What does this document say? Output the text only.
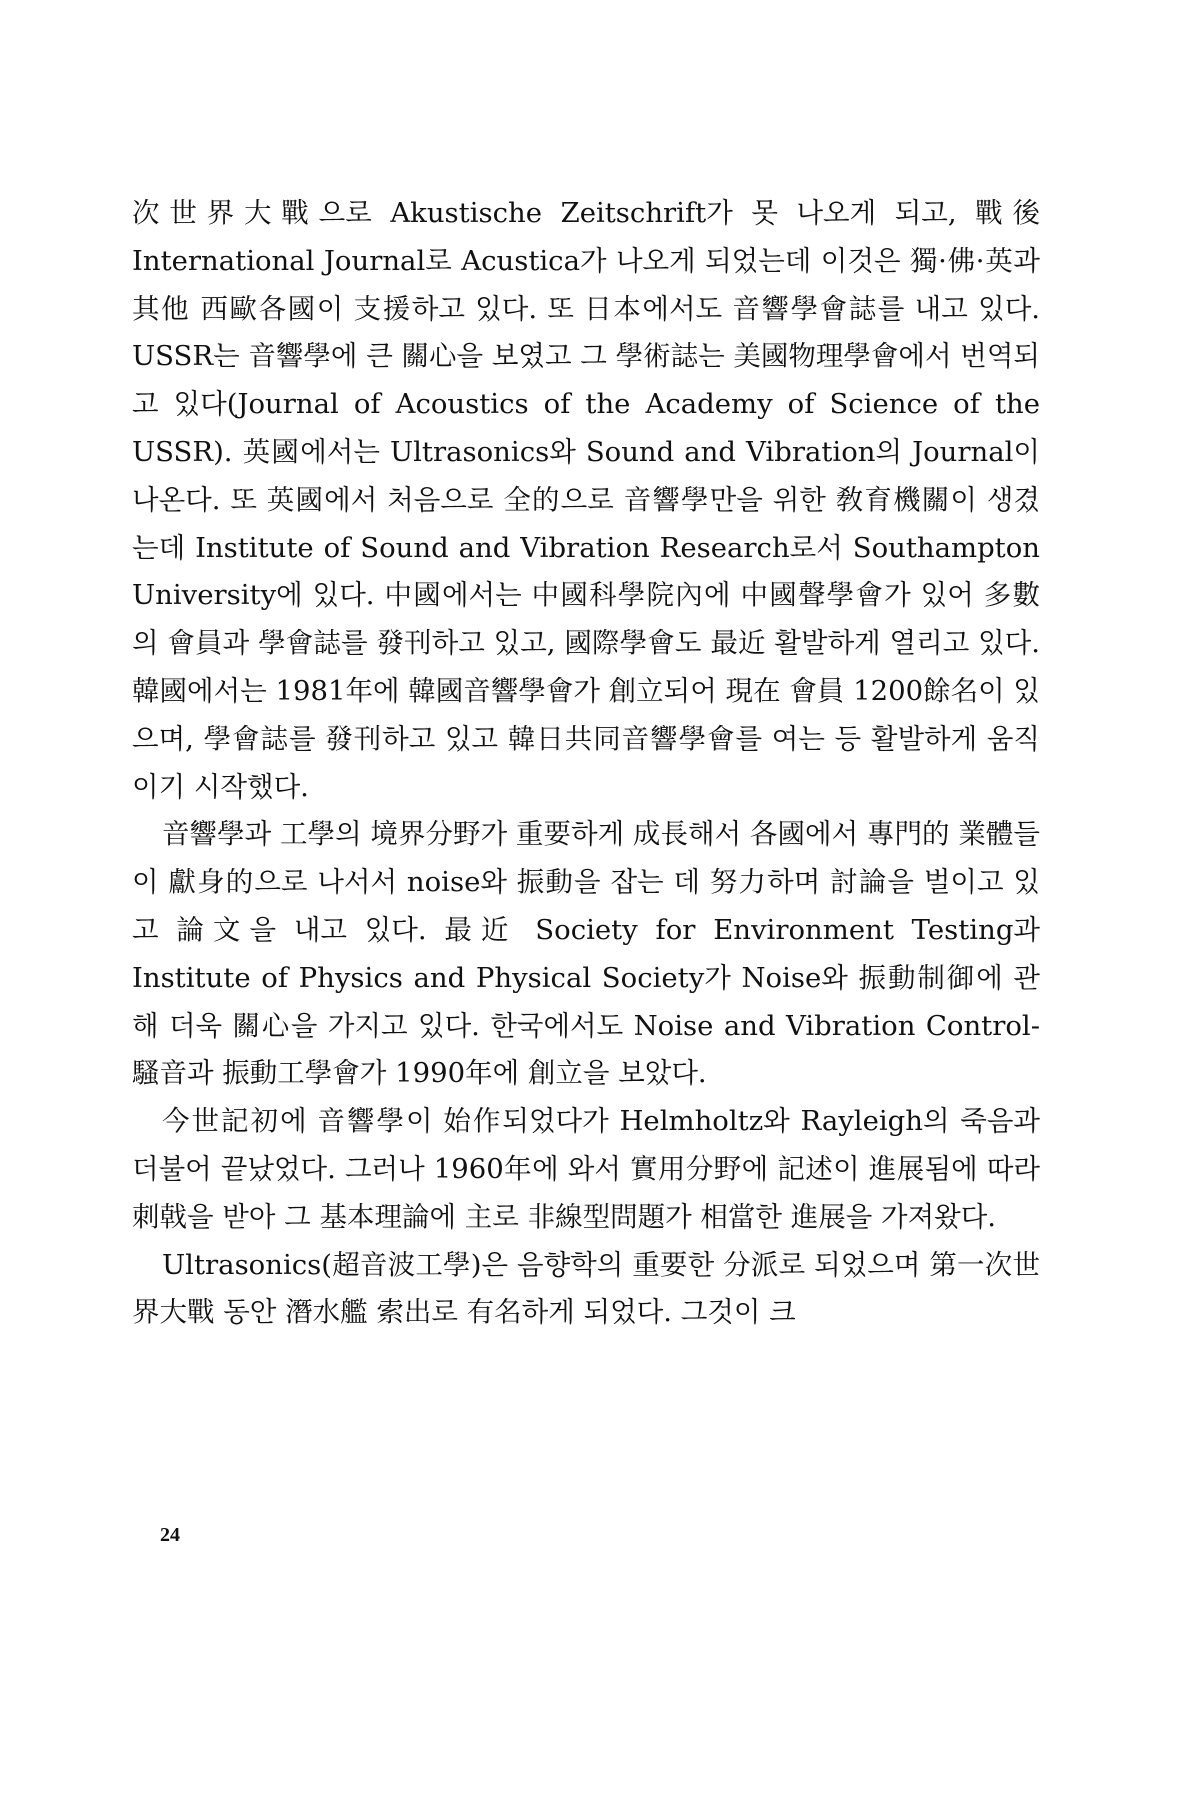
次世界大戰으로 Akustische Zeitschrift가 못 나오게 되고, 戰後 International Journal로 Acustica가 나오게 되었는데 이것은 獨·佛·英과 其他 西歐各國이 支援하고 있다. 또 日本에서도 音響學會誌를 내고 있다. USSR는 音響學에 큰 關心을 보였고 그 學術誌는 美國物理學會에서 번역되고 있다(Journal of Acoustics of the Academy of Science of the USSR). 英國에서는 Ultrasonics와 Sound and Vibration의 Journal이 나온다. 또 英國에서 처음으로 全的으로 音響學만을 위한 敎育機關이 생겼는데 Institute of Sound and Vibration Research로서 Southampton University에 있다. 中國에서는 中國科學院內에 中國聲學會가 있어 多數의 會員과 學會誌를 發刊하고 있고, 國際學會도 最近 활발하게 열리고 있다. 韓國에서는 1981年에 韓國音響學會가 創立되어 現在 會員 1200餘名이 있으며, 學會誌를 發刊하고 있고 韓日共同音響學會를 여는 등 활발하게 움직이기 시작했다.

音響學과 工學의 境界分野가 重要하게 成長해서 各國에서 專門的 業體들이 獻身的으로 나서서 noise와 振動을 잡는 데 努力하며 討論을 벌이고 있고 論文을 내고 있다. 最近 Society for Environment Testing과 Institute of Physics and Physical Society가 Noise와 振動制御에 관해 더욱 關心을 가지고 있다. 한국에서도 Noise and Vibration Control-騷音과 振動工學會가 1990年에 創立을 보았다.

今世記初에 音響學이 始作되었다가 Helmholtz와 Rayleigh의 죽음과 더불어 끝났었다. 그러나 1960年에 와서 實用分野에 記述이 進展됨에 따라 刺戟을 받아 그 基本理論에 主로 非線型問題가 相當한 進展을 가져왔다.

Ultrasonics(超音波工學)은 음향학의 重要한 分派로 되었으며 第一次世界大戰 동안 潛水艦 索出로 有名하게 되었다. 그것이 크

24
